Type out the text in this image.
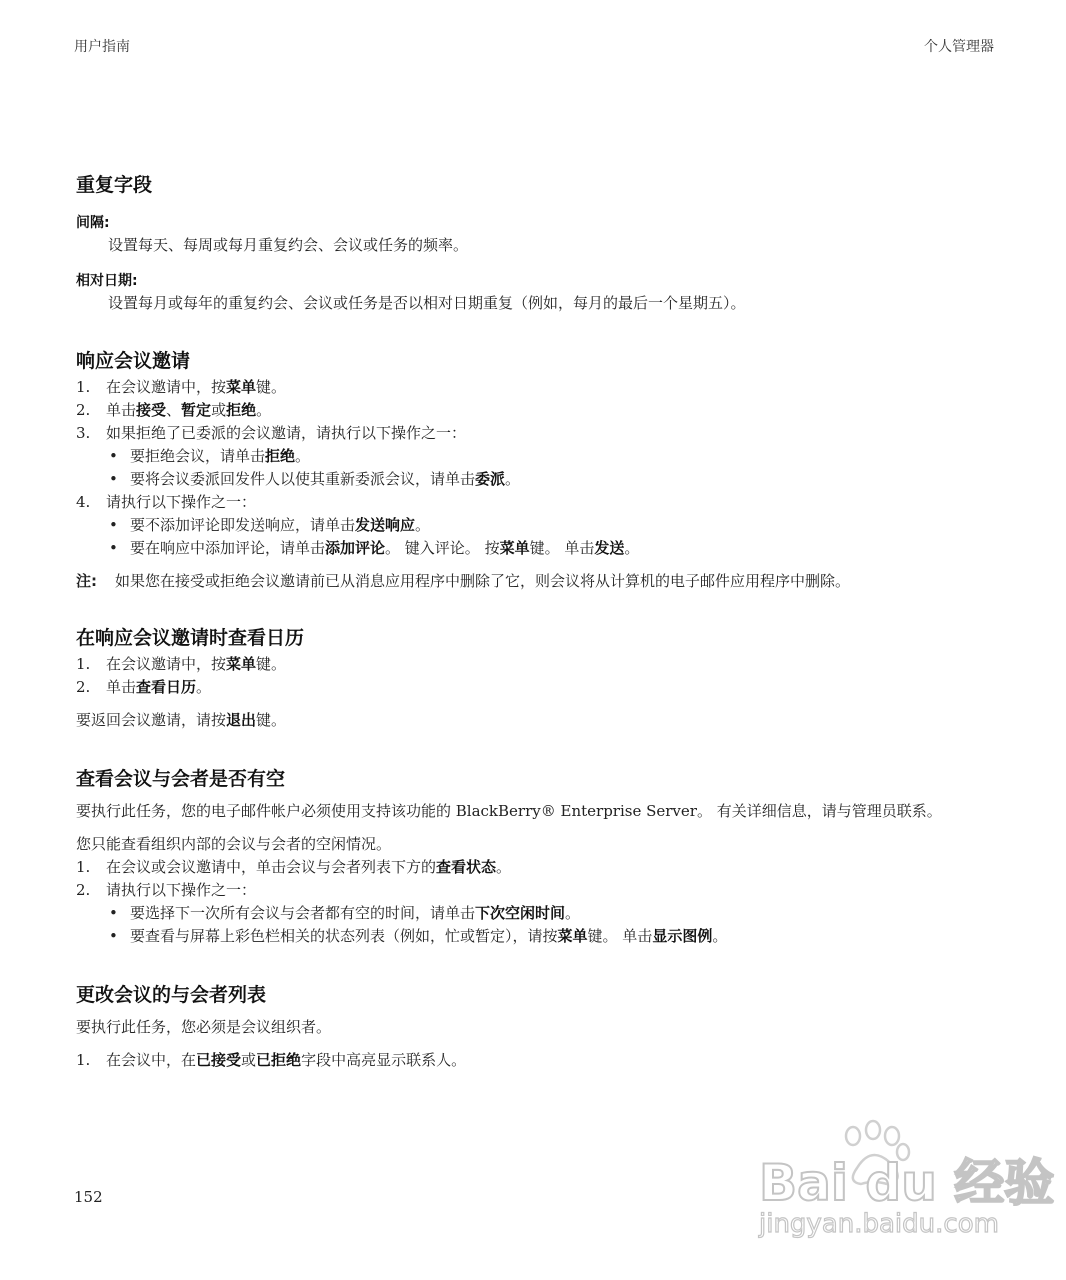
用户指南	个人管理器
重复字段
间隔:
设置每天、每周或每月重复约会、会议或任务的频率。
相对日期:
设置每月或每年的重复约会、会议或任务是否以相对日期重复（例如，每月的最后一个星期五）。
响应会议邀请
1. 在会议邀请中，按菜单键。
2. 单击接受、暂定或拒绝。
3. 如果拒绝了已委派的会议邀请，请执行以下操作之一：
• 要拒绝会议，请单击拒绝。
• 要将会议委派回发件人以使其重新委派会议，请单击委派。
4. 请执行以下操作之一：
• 要不添加评论即发送响应，请单击发送响应。
• 要在响应中添加评论，请单击添加评论。 键入评论。 按菜单键。 单击发送。

注: 如果您在接受或拒绝会议邀请前已从消息应用程序中删除了它，则会议将从计算机的电子邮件应用程序中删除。

在响应会议邀请时查看日历
1. 在会议邀请中，按菜单键。
2. 单击查看日历。

要返回会议邀请，请按退出键。

查看会议与会者是否有空

要执行此任务，您的电子邮件帐户必须使用支持该功能的 BlackBerry® Enterprise Server。 有关详细信息，请与管理员联系。

您只能查看组织内部的会议与会者的空闲情况。

1. 在会议或会议邀请中，单击会议与会者列表下方的查看状态。
2. 请执行以下操作之一：
• 要选择下一次所有会议与会者都有空的时间，请单击下次空闲时间。
• 要查看与屏幕上彩色栏相关的状态列表（例如，忙或暂定），请按菜单键。 单击显示图例。
更改会议的与会者列表

要执行此任务，您必须是会议组织者。

1. 在会议中，在已接受或已拒绝字段中高亮显示联系人。
152	Bai du 经验
jingyan.baidu.com
